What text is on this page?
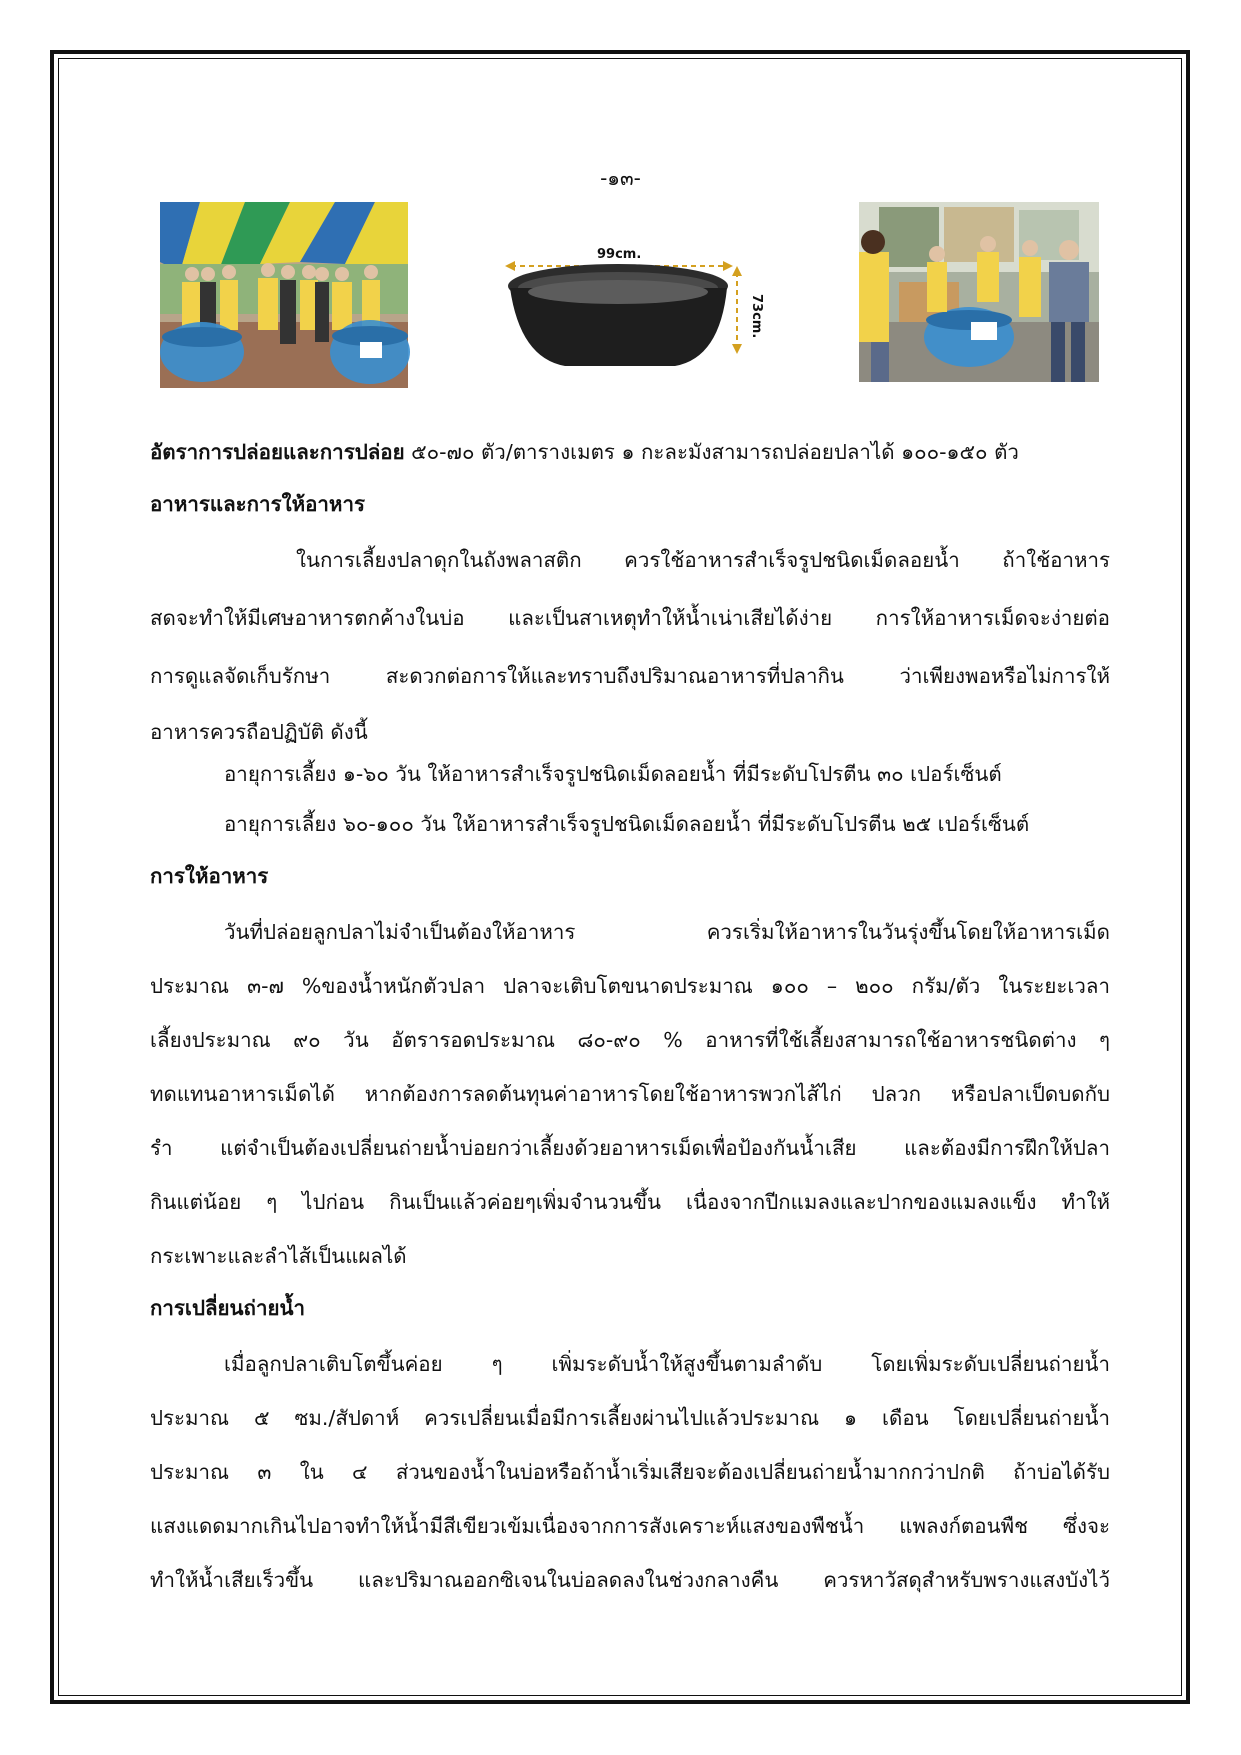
-๑๓-
99cm.
73cm.
อัตราการปล่อยและการปล่อย ๕๐-๗๐ ตัว/ตารางเมตร ๑ กะละมังสามารถปล่อยปลาได้ ๑๐๐-๑๕๐ ตัว
อาหารและการให้อาหาร
ในการเลี้ยงปลาดุกในถังพลาสติก ควรใช้อาหารสำเร็จรูปชนิดเม็ดลอยน้ำ ถ้าใช้อาหาร
สดจะทำให้มีเศษอาหารตกค้างในบ่อ และเป็นสาเหตุทำให้น้ำเน่าเสียได้ง่าย การให้อาหารเม็ดจะง่ายต่อ
การดูแลจัดเก็บรักษา สะดวกต่อการให้และทราบถึงปริมาณอาหารที่ปลากิน ว่าเพียงพอหรือไม่การให้
อาหารควรถือปฏิบัติ ดังนี้
อายุการเลี้ยง ๑-๖๐ วัน ให้อาหารสำเร็จรูปชนิดเม็ดลอยน้ำ ที่มีระดับโปรตีน ๓๐ เปอร์เซ็นต์
อายุการเลี้ยง ๖๐-๑๐๐ วัน ให้อาหารสำเร็จรูปชนิดเม็ดลอยน้ำ ที่มีระดับโปรตีน ๒๕ เปอร์เซ็นต์
การให้อาหาร
วันที่ปล่อยลูกปลาไม่จำเป็นต้องให้อาหาร ควรเริ่มให้อาหารในวันรุ่งขึ้นโดยให้อาหารเม็ด
ประมาณ ๓-๗ %ของน้ำหนักตัวปลา ปลาจะเติบโตขนาดประมาณ ๑๐๐ – ๒๐๐ กรัม/ตัว ในระยะเวลา
เลี้ยงประมาณ ๙๐ วัน อัตรารอดประมาณ ๘๐-๙๐ % อาหารที่ใช้เลี้ยงสามารถใช้อาหารชนิดต่าง ๆ
ทดแทนอาหารเม็ดได้ หากต้องการลดต้นทุนค่าอาหารโดยใช้อาหารพวกไส้ไก่ ปลวก หรือปลาเป็ดบดกับ
รำ แต่จำเป็นต้องเปลี่ยนถ่ายน้ำบ่อยกว่าเลี้ยงด้วยอาหารเม็ดเพื่อป้องกันน้ำเสีย และต้องมีการฝึกให้ปลา
กินแต่น้อย ๆ ไปก่อน กินเป็นแล้วค่อยๆเพิ่มจำนวนขึ้น เนื่องจากปีกแมลงและปากของแมลงแข็ง ทำให้
กระเพาะและลำไส้เป็นแผลได้
การเปลี่ยนถ่ายน้ำ
เมื่อลูกปลาเติบโตขึ้นค่อย ๆ เพิ่มระดับน้ำให้สูงขึ้นตามลำดับ โดยเพิ่มระดับเปลี่ยนถ่ายน้ำ
ประมาณ ๕ ซม./สัปดาห์ ควรเปลี่ยนเมื่อมีการเลี้ยงผ่านไปแล้วประมาณ ๑ เดือน โดยเปลี่ยนถ่ายน้ำ
ประมาณ ๓ ใน ๔ ส่วนของน้ำในบ่อหรือถ้าน้ำเริ่มเสียจะต้องเปลี่ยนถ่ายน้ำมากกว่าปกติ ถ้าบ่อได้รับ
แสงแดดมากเกินไปอาจทำให้น้ำมีสีเขียวเข้มเนื่องจากการสังเคราะห์แสงของพืชน้ำ แพลงก์ตอนพืช ซึ่งจะ
ทำให้น้ำเสียเร็วขึ้น และปริมาณออกซิเจนในบ่อลดลงในช่วงกลางคืน ควรหาวัสดุสำหรับพรางแสงบังไว้
